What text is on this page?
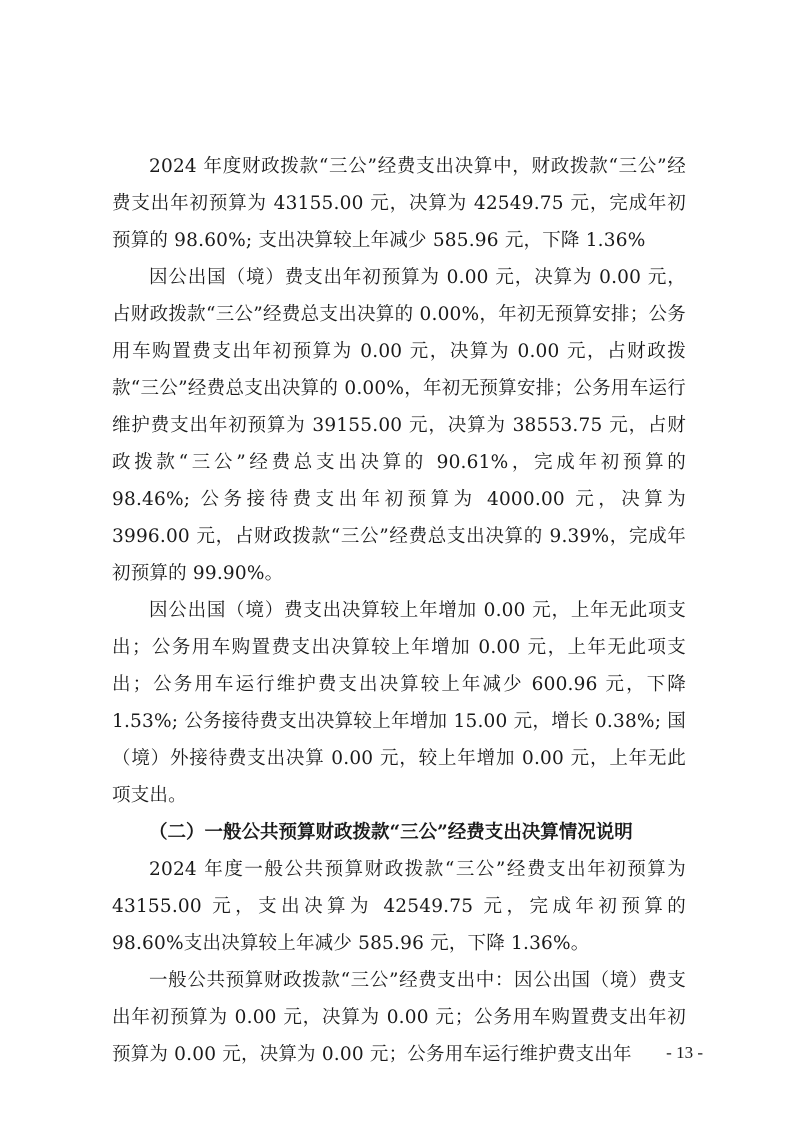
2024 年度财政拨款“三公”经费支出决算中，财政拨款“三公”经费支出年初预算为 43155.00 元，决算为 42549.75 元，完成年初预算的 98.60%; 支出决算较上年减少 585.96 元，下降 1.36%

因公出国（境）费支出年初预算为 0.00 元，决算为 0.00 元，占财政拨款“三公”经费总支出决算的 0.00%，年初无预算安排；公务用车购置费支出年初预算为 0.00 元，决算为 0.00 元，占财政拨款“三公”经费总支出决算的 0.00%，年初无预算安排；公务用车运行维护费支出年初预算为 39155.00 元，决算为 38553.75 元，占财政拨款“三公”经费总支出决算的 90.61%，完成年初预算的 98.46%; 公务接待费支出年初预算为 4000.00 元，决算为 3996.00 元，占财政拨款“三公”经费总支出决算的 9.39%，完成年初预算的 99.90%。

因公出国（境）费支出决算较上年增加 0.00 元，上年无此项支出；公务用车购置费支出决算较上年增加 0.00 元，上年无此项支出；公务用车运行维护费支出决算较上年减少 600.96 元，下降 1.53%; 公务接待费支出决算较上年增加 15.00 元，增长 0.38%; 国（境）外接待费支出决算 0.00 元，较上年增加 0.00 元，上年无此项支出。

（二）一般公共预算财政拨款“三公”经费支出决算情况说明

2024 年度一般公共预算财政拨款“三公”经费支出年初预算为 43155.00 元，支出决算为 42549.75 元，完成年初预算的 98.60%支出决算较上年减少 585.96 元，下降 1.36%。

一般公共预算财政拨款“三公”经费支出中：因公出国（境）费支出年初预算为 0.00 元，决算为 0.00 元；公务用车购置费支出年初预算为 0.00 元，决算为 0.00 元；公务用车运行维护费支出年	- 13 -
